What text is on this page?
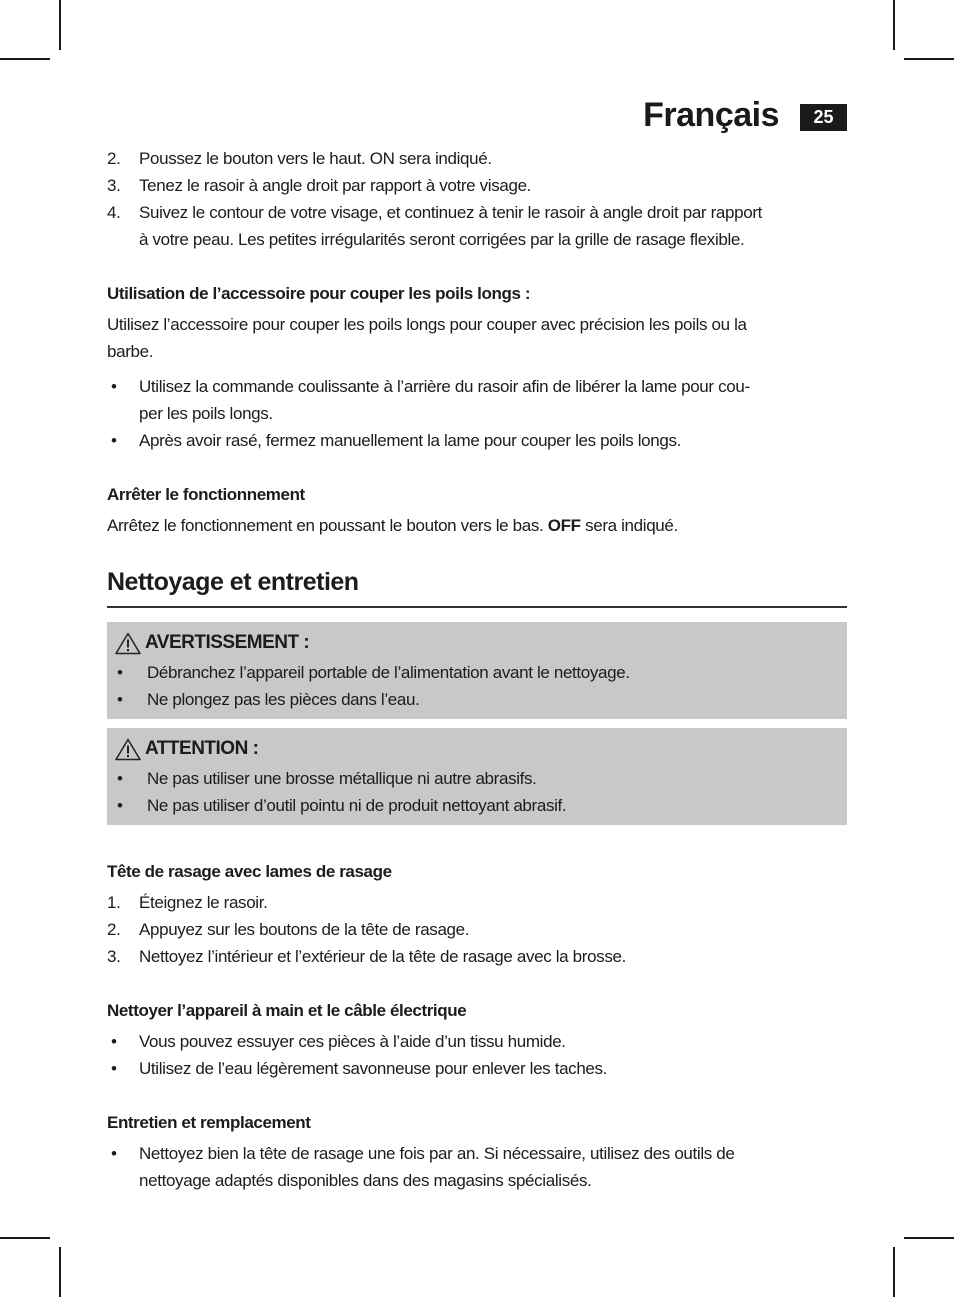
Français	25
2. Poussez le bouton vers le haut. ON sera indiqué.
3. Tenez le rasoir à angle droit par rapport à votre visage.
4. Suivez le contour de votre visage, et continuez à tenir le rasoir à angle droit par rapport
à votre peau. Les petites irrégularités seront corrigées par la grille de rasage flexible.
Utilisation de l’accessoire pour couper les poils longs :
Utilisez l’accessoire pour couper les poils longs pour couper avec précision les poils ou la
barbe.
• Utilisez la commande coulissante à l’arrière du rasoir afin de libérer la lame pour cou-
per les poils longs.
• Après avoir rasé, fermez manuellement la lame pour couper les poils longs.
Arrêter le fonctionnement
Arrêtez le fonctionnement en poussant le bouton vers le bas. OFF sera indiqué.
Nettoyage et entretien
AVERTISSEMENT :
• Débranchez l’appareil portable de l’alimentation avant le nettoyage.
• Ne plongez pas les pièces dans l’eau.
ATTENTION :
• Ne pas utiliser une brosse métallique ni autre abrasifs.
• Ne pas utiliser d’outil pointu ni de produit nettoyant abrasif.
Tête de rasage avec lames de rasage
1. Éteignez le rasoir.
2. Appuyez sur les boutons de la tête de rasage.
3. Nettoyez l’intérieur et l’extérieur de la tête de rasage avec la brosse.
Nettoyer l’appareil à main et le câble électrique
• Vous pouvez essuyer ces pièces à l’aide d’un tissu humide.
• Utilisez de l’eau légèrement savonneuse pour enlever les taches.
Entretien et remplacement
• Nettoyez bien la tête de rasage une fois par an. Si nécessaire, utilisez des outils de
nettoyage adaptés disponibles dans des magasins spécialisés.
